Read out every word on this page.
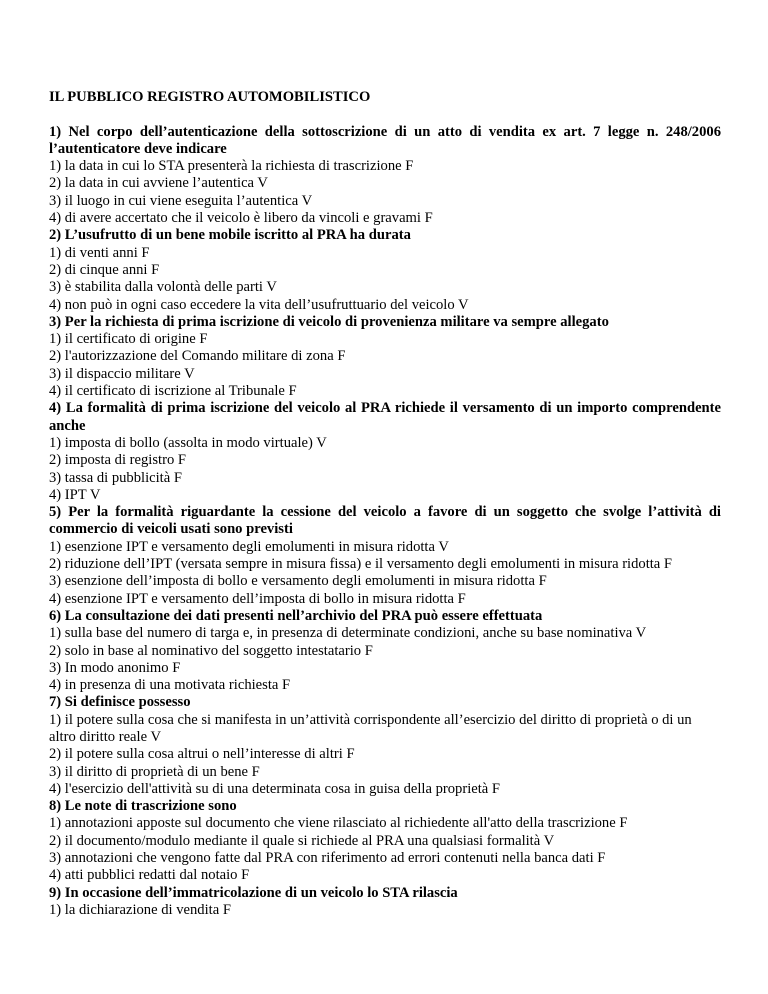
IL PUBBLICO REGISTRO AUTOMOBILISTICO

1) Nel corpo dell’autenticazione della sottoscrizione di un atto di vendita ex art. 7 legge n. 248/2006 l’autenticatore deve indicare

1) la data in cui lo STA presenterà la richiesta di trascrizione F

2) la data in cui avviene l’autentica V

3) il luogo in cui viene eseguita l’autentica V

4) di avere accertato che il veicolo è libero da vincoli e gravami F

2) L’usufrutto di un bene mobile iscritto al PRA ha durata

1) di venti anni F

2) di cinque anni F

3) è stabilita dalla volontà delle parti V

4) non può in ogni caso eccedere la vita dell’usufruttuario del veicolo V

3) Per la richiesta di prima iscrizione di veicolo di provenienza militare va sempre allegato

1) il certificato di origine F

2) l'autorizzazione del Comando militare di zona F

3) il dispaccio militare V

4) il certificato di iscrizione al Tribunale F

4) La formalità di prima iscrizione del veicolo al PRA richiede il versamento di un importo comprendente anche

1) imposta di bollo (assolta in modo virtuale) V

2) imposta di registro F

3) tassa di pubblicità F

4) IPT V

5) Per la formalità riguardante la cessione del veicolo a favore di un soggetto che svolge l’attività di commercio di veicoli usati sono previsti

1) esenzione IPT e versamento degli emolumenti in misura ridotta V

2) riduzione dell’IPT (versata sempre in misura fissa) e il versamento degli emolumenti in misura ridotta F

3) esenzione dell’imposta di bollo e versamento degli emolumenti in misura ridotta F

4) esenzione IPT e versamento dell’imposta di bollo in misura ridotta F

6) La consultazione dei dati presenti nell’archivio del PRA può essere effettuata

1) sulla base del numero di targa e, in presenza di determinate condizioni, anche su base nominativa V

2) solo in base al nominativo del soggetto intestatario F

3) In modo anonimo F

4) in presenza di una motivata richiesta F

7) Si definisce possesso

1) il potere sulla cosa che si manifesta in un’attività corrispondente all’esercizio del diritto di proprietà o di un altro diritto reale V

2) il potere sulla cosa altrui o nell’interesse di altri F

3) il diritto di proprietà di un bene F

4) l'esercizio dell'attività su di una determinata cosa in guisa della proprietà F

8) Le note di trascrizione sono

1) annotazioni apposte sul documento che viene rilasciato al richiedente all'atto della trascrizione F

2) il documento/modulo mediante il quale si richiede al PRA una qualsiasi formalità V

3) annotazioni che vengono fatte dal PRA con riferimento ad errori contenuti nella banca dati F

4) atti pubblici redatti dal notaio F

9) In occasione dell’immatricolazione di un veicolo lo STA rilascia

1) la dichiarazione di vendita F
